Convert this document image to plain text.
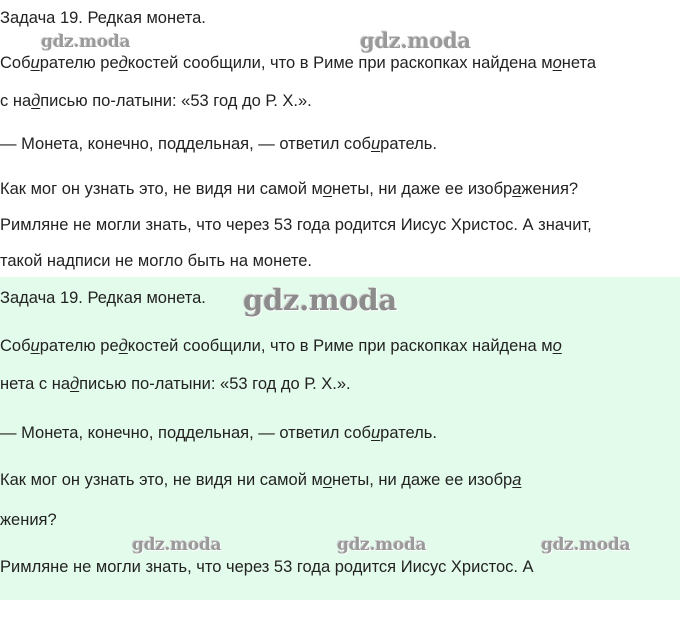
Задача 19. Редкая монета.
Собирателю редкостей сообщили, что в Риме при раскопках найдена монета
с надписью по-латыни: «53 год до Р. Х.».
— Монета, конечно, поддельная, — ответил собиратель.
Как мог он узнать это, не видя ни самой монеты, ни даже ее изображения?
Римляне не могли знать, что через 53 года родится Иисус Христос. А значит,
такой надписи не могло быть на монете.
gdz.moda	gdz.moda
Задача 19. Редкая монета.
Собирателю редкостей сообщили, что в Риме при раскопках найдена мо
нета с надписью по-латыни: «53 год до Р. Х.».
— Монета, конечно, поддельная, — ответил собиратель.
Как мог он узнать это, не видя ни самой монеты, ни даже ее изобра
жения?
Римляне не могли знать, что через 53 года родится Иисус Христос. А
gdz.moda
gdz.moda	gdz.moda	gdz.moda
